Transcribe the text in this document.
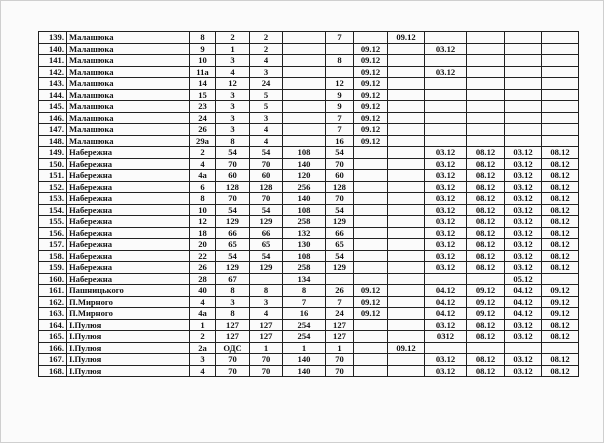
139.	Малашюка	8	2	2		7		09.12				
140.	Малашюка	9	1	2			09.12		03.12			
141.	Малашюка	10	3	4		8	09.12					
142.	Малашюка	11а	4	3			09.12		03.12			
143.	Малашюка	14	12	24		12	09.12					
144.	Малашюка	15	3	5		9	09.12					
145.	Малашюка	23	3	5		9	09.12					
146.	Малашюка	24	3	3		7	09.12					
147.	Малашюка	26	3	4		7	09.12					
148.	Малашюка	29а	8	4		16	09.12					
149.	Набережна	2	54	54	108	54			03.12	08.12	03.12	08.12
150.	Набережна	4	70	70	140	70			03.12	08.12	03.12	08.12
151.	Набережна	4а	60	60	120	60			03.12	08.12	03.12	08.12
152.	Набережна	6	128	128	256	128			03.12	08.12	03.12	08.12
153.	Набережна	8	70	70	140	70			03.12	08.12	03.12	08.12
154.	Набережна	10	54	54	108	54			03.12	08.12	03.12	08.12
155.	Набережна	12	129	129	258	129			03.12	08.12	03.12	08.12
156.	Набережна	18	66	66	132	66			03.12	08.12	03.12	08.12
157.	Набережна	20	65	65	130	65			03.12	08.12	03.12	08.12
158.	Набережна	22	54	54	108	54			03.12	08.12	03.12	08.12
159.	Набережна	26	129	129	258	129			03.12	08.12	03.12	08.12
160.	Набережна	28	67		134						05.12	
161.	Пашницького	40	8	8	8	26	09.12		04.12	09.12	04.12	09.12
162.	П.Мирного	4	3	3	7	7	09.12		04.12	09.12	04.12	09.12
163.	П.Мирного	4а	8	4	16	24	09.12		04.12	09.12	04.12	09.12
164.	І.Пулюя	1	127	127	254	127			03.12	08.12	03.12	08.12
165.	І.Пулюя	2	127	127	254	127			0312	08.12	03.12	08.12
166.	І.Пулюя	2а	ОДС	1	1	1		09.12				
167.	І.Пулюя	3	70	70	140	70			03.12	08.12	03.12	08.12
168.	І.Пулюя	4	70	70	140	70			03.12	08.12	03.12	08.12
